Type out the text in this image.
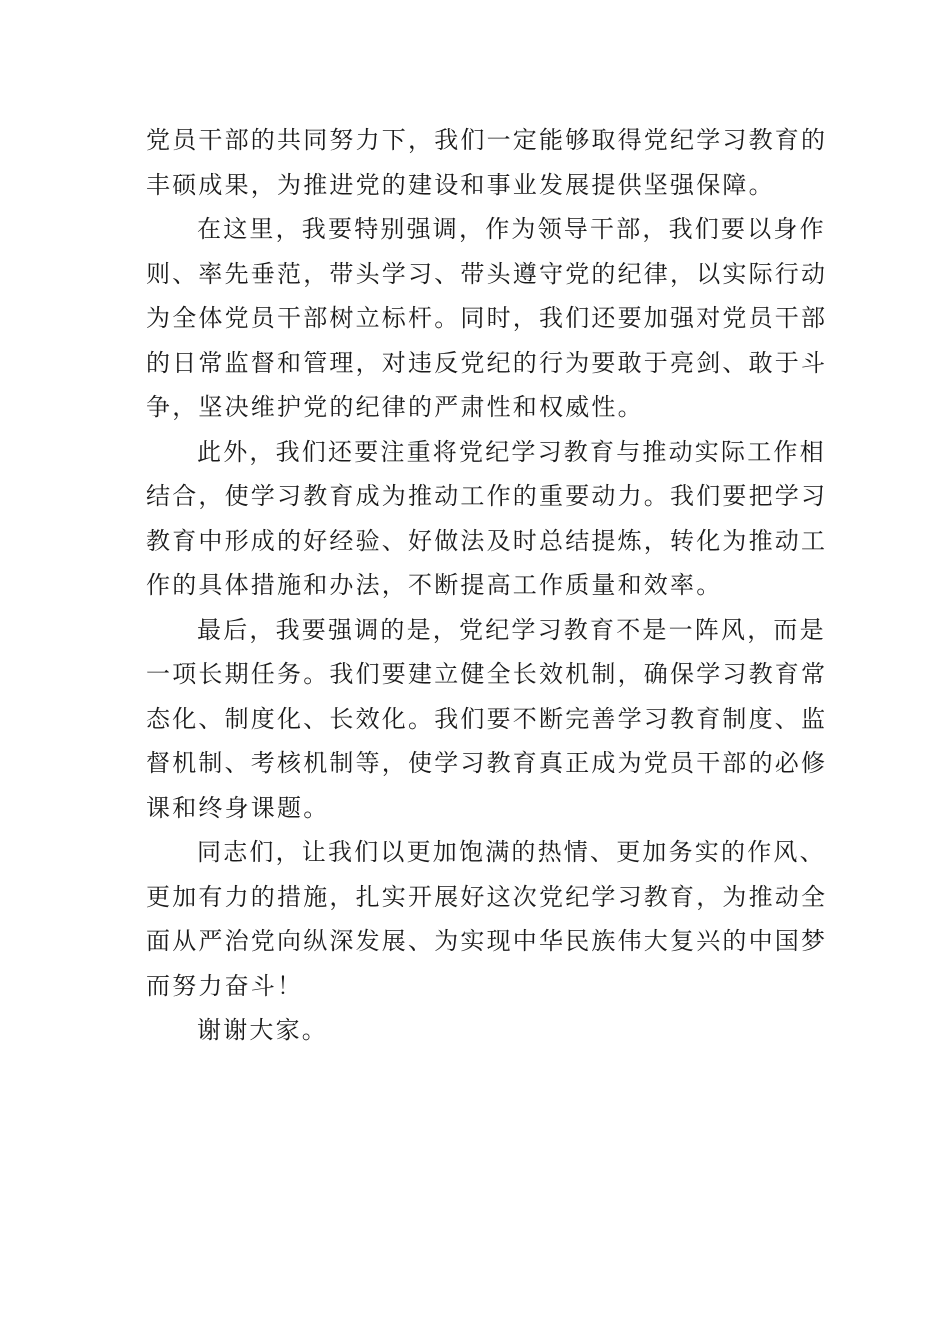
党员干部的共同努力下，我们一定能够取得党纪学习教育的
丰硕成果，为推进党的建设和事业发展提供坚强保障。
在这里，我要特别强调，作为领导干部，我们要以身作
则、率先垂范，带头学习、带头遵守党的纪律，以实际行动
为全体党员干部树立标杆。同时，我们还要加强对党员干部
的日常监督和管理，对违反党纪的行为要敢于亮剑、敢于斗
争，坚决维护党的纪律的严肃性和权威性。
此外，我们还要注重将党纪学习教育与推动实际工作相
结合，使学习教育成为推动工作的重要动力。我们要把学习
教育中形成的好经验、好做法及时总结提炼，转化为推动工
作的具体措施和办法，不断提高工作质量和效率。
最后，我要强调的是，党纪学习教育不是一阵风，而是
一项长期任务。我们要建立健全长效机制，确保学习教育常
态化、制度化、长效化。我们要不断完善学习教育制度、监
督机制、考核机制等，使学习教育真正成为党员干部的必修
课和终身课题。
同志们，让我们以更加饱满的热情、更加务实的作风、
更加有力的措施，扎实开展好这次党纪学习教育，为推动全
面从严治党向纵深发展、为实现中华民族伟大复兴的中国梦
而努力奋斗！
谢谢大家。
